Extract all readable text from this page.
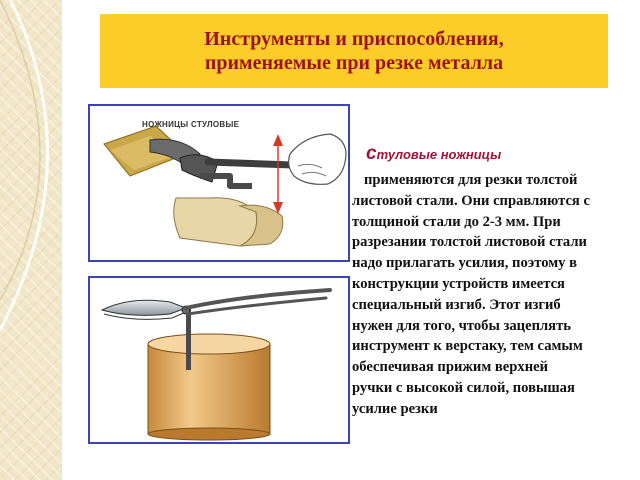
Инструменты и приспособления,
применяемые при резке металла
НОЖНИЦЫ СТУЛОВЫЕ
стуловые ножницы
применяются для резки толстой
листовой стали. Они справляются с
толщиной стали до 2-3 мм. При
разрезании толстой листовой стали
надо прилагать усилия, поэтому в
конструкции устройств имеется
специальный изгиб. Этот изгиб
нужен для того, чтобы зацеплять
инструмент к верстаку, тем самым
обеспечивая прижим верхней
ручки с высокой силой, повышая
усилие резки
